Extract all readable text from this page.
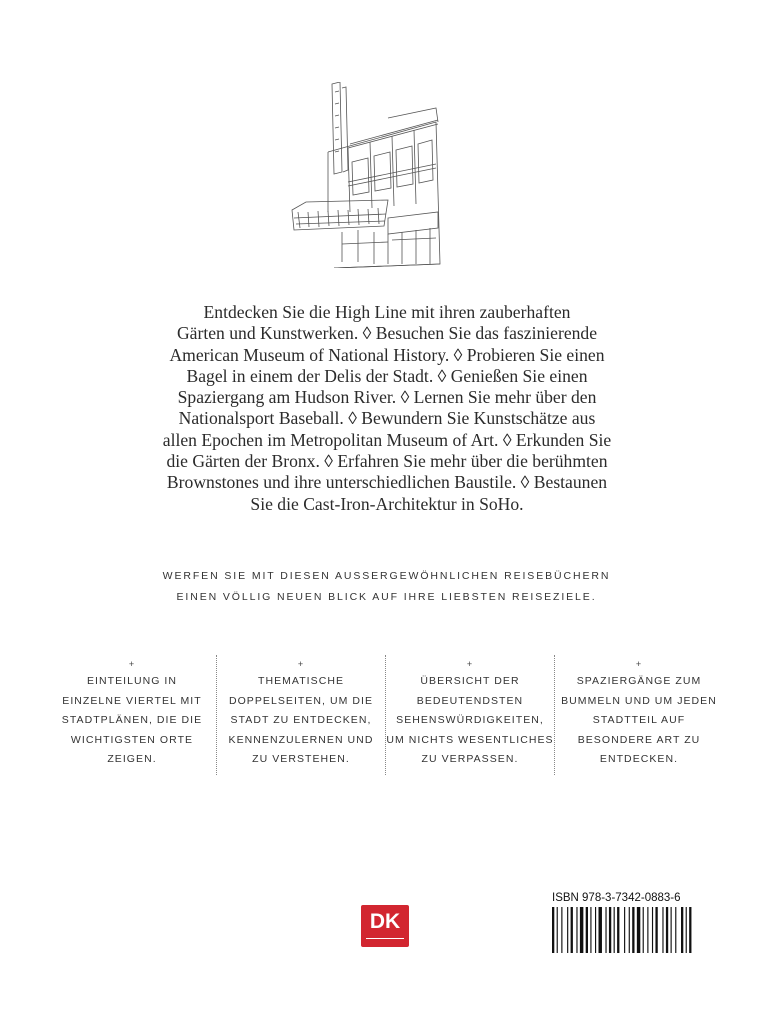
Entdecken Sie die High Line mit ihren zauberhaften
Gärten und Kunstwerken. ◊ Besuchen Sie das faszinierende
American Museum of National History. ◊ Probieren Sie einen
Bagel in einem der Delis der Stadt. ◊ Genießen Sie einen
Spaziergang am Hudson River. ◊ Lernen Sie mehr über den
Nationalsport Baseball. ◊ Bewundern Sie Kunstschätze aus
allen Epochen im Metropolitan Museum of Art. ◊ Erkunden Sie
die Gärten der Bronx. ◊ Erfahren Sie mehr über die berühmten
Brownstones und ihre unterschiedlichen Baustile. ◊ Bestaunen
Sie die Cast-Iron-Architektur in SoHo.
WERFEN SIE MIT DIESEN AUSSERGEWÖHNLICHEN REISEBÜCHERN
EINEN VÖLLIG NEUEN BLICK AUF IHRE LIEBSTEN REISEZIELE.
+
EINTEILUNG IN
EINZELNE VIERTEL MIT
STADTPLÄNEN, DIE DIE
WICHTIGSTEN ORTE
ZEIGEN.
+
THEMATISCHE
DOPPELSEITEN, UM DIE
STADT ZU ENTDECKEN,
KENNENZULERNEN UND
ZU VERSTEHEN.
+
ÜBERSICHT DER
BEDEUTENDSTEN
SEHENSWÜRDIGKEITEN,
UM NICHTS WESENTLICHES
ZU VERPASSEN.
+
SPAZIERGÄNGE ZUM
BUMMELN UND UM JEDEN
STADTTEIL AUF
BESONDERE ART ZU
ENTDECKEN.
DK
ISBN 978-3-7342-0883-6
